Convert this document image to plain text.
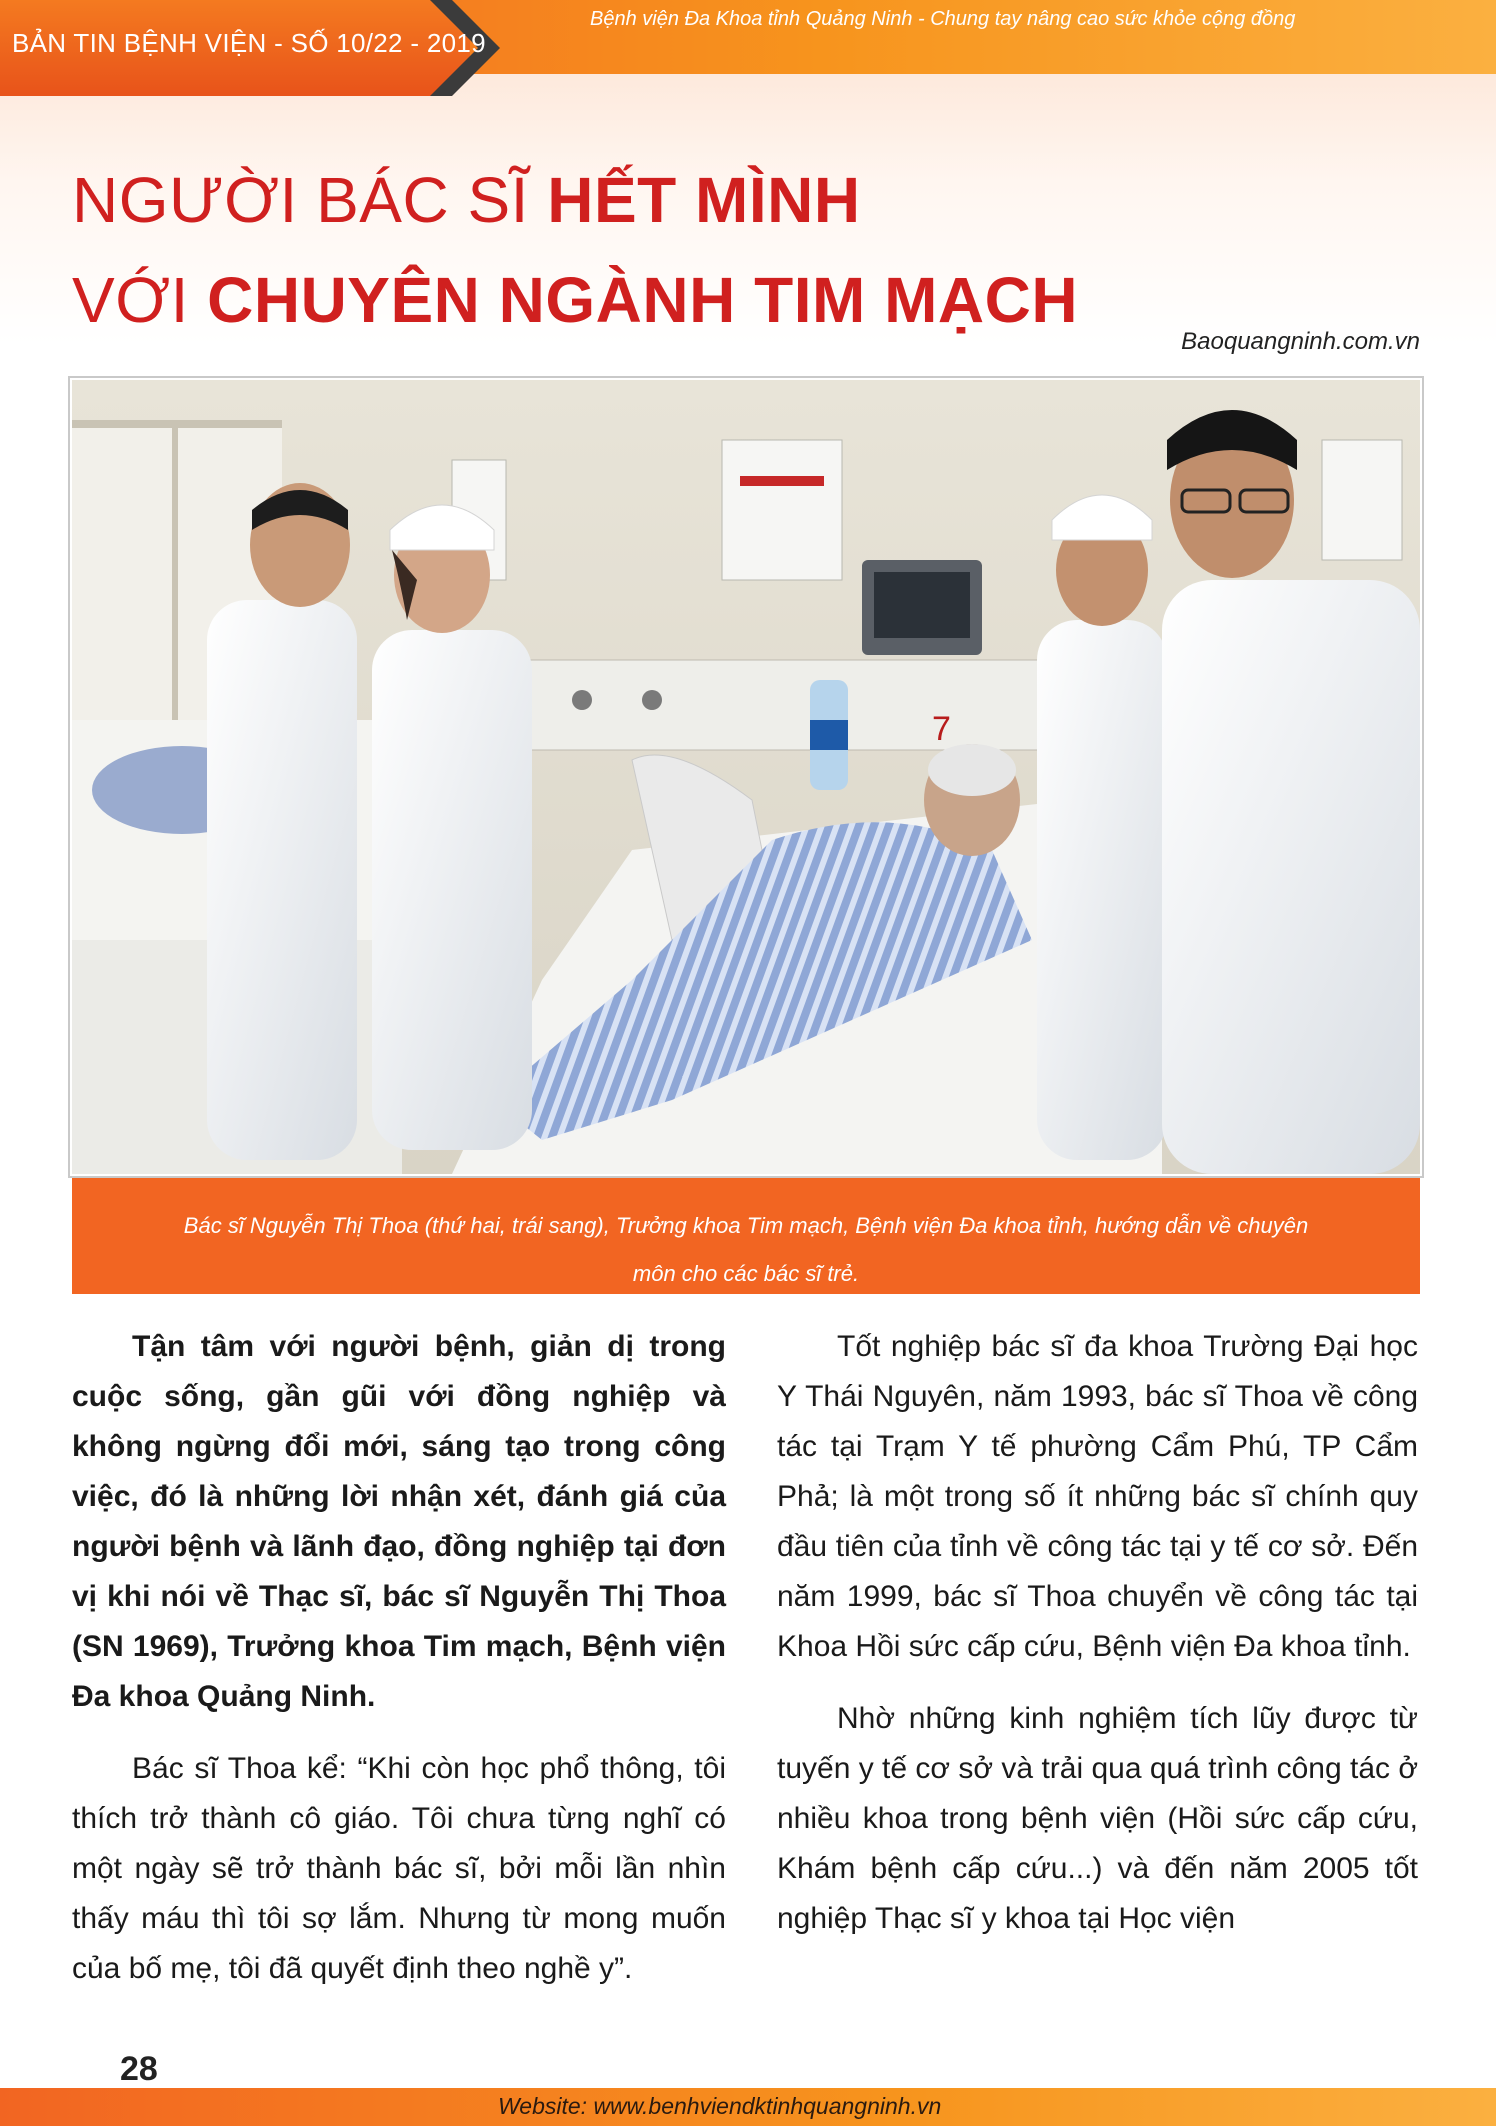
BẢN TIN BỆNH VIỆN - SỐ 10/22 - 2019
Bệnh viện Đa Khoa tỉnh Quảng Ninh - Chung tay nâng cao sức khỏe cộng đồng
NGƯỜI BÁC SĨ HẾT MÌNH
VỚI CHUYÊN NGÀNH TIM MẠCH
Baoquangninh.com.vn
7

Bác sĩ Nguyễn Thị Thoa (thứ hai, trái sang), Trưởng khoa Tim mạch, Bệnh viện Đa khoa tỉnh, hướng dẫn về chuyên

môn cho các bác sĩ trẻ.

Tận tâm với người bệnh, giản dị trong cuộc sống, gần gũi với đồng nghiệp và không ngừng đổi mới, sáng tạo trong công việc, đó là những lời nhận xét, đánh giá của người bệnh và lãnh đạo, đồng nghiệp tại đơn vị khi nói về Thạc sĩ, bác sĩ Nguyễn Thị Thoa (SN 1969), Trưởng khoa Tim mạch, Bệnh viện Đa khoa Quảng Ninh.

Bác sĩ Thoa kể: “Khi còn học phổ thông, tôi thích trở thành cô giáo. Tôi chưa từng nghĩ có một ngày sẽ trở thành bác sĩ, bởi mỗi lần nhìn thấy máu thì tôi sợ lắm. Nhưng từ mong muốn của bố mẹ, tôi đã quyết định theo nghề y”.

Tốt nghiệp bác sĩ đa khoa Trường Đại học Y Thái Nguyên, năm 1993, bác sĩ Thoa về công tác tại Trạm Y tế phường Cẩm Phú, TP Cẩm Phả; là một trong số ít những bác sĩ chính quy đầu tiên của tỉnh về công tác tại y tế cơ sở. Đến năm 1999, bác sĩ Thoa chuyển về công tác tại Khoa Hồi sức cấp cứu, Bệnh viện Đa khoa tỉnh.

Nhờ những kinh nghiệm tích lũy được từ tuyến y tế cơ sở và trải qua quá trình công tác ở nhiều khoa trong bệnh viện (Hồi sức cấp cứu, Khám bệnh cấp cứu...) và đến năm 2005 tốt nghiệp Thạc sĩ y khoa tại Học viện

28
Website: www.benhviendktinhquangninh.vn
